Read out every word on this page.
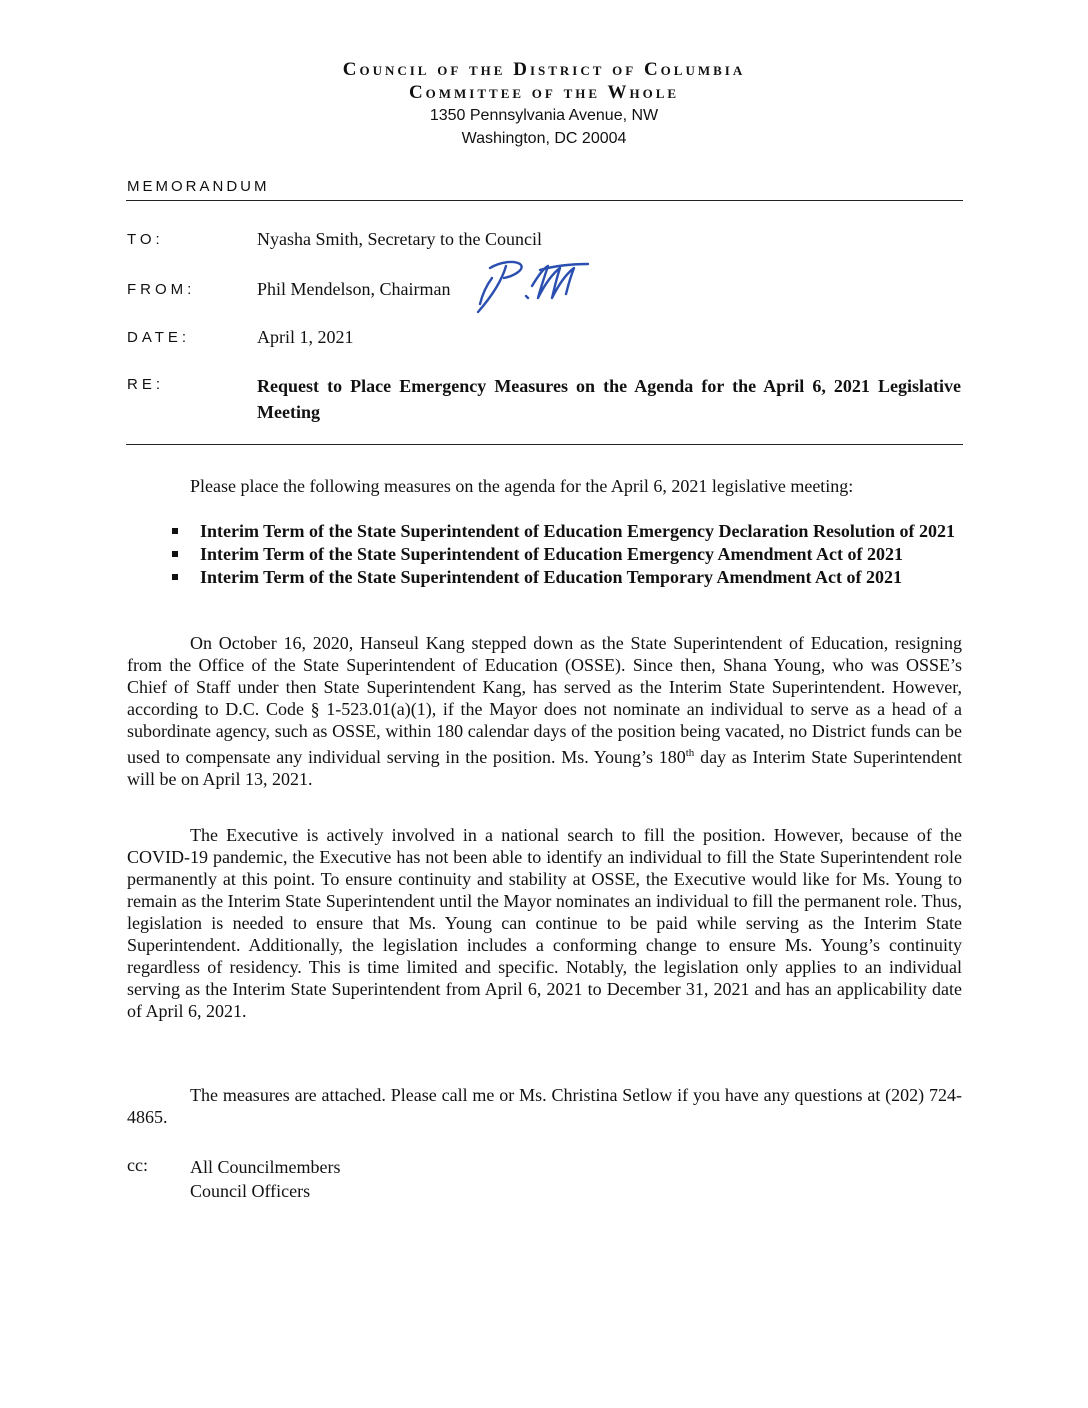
Council of the District of Columbia
Committee of the Whole
1350 Pennsylvania Avenue, NW
Washington, DC 20004
MEMORANDUM
TO:	Nyasha Smith, Secretary to the Council
FROM:	Phil Mendelson, Chairman
DATE:	April 1, 2021
RE:	Request to Place Emergency Measures on the Agenda for the April 6, 2021 Legislative Meeting

Please place the following measures on the agenda for the April 6, 2021 legislative meeting:

Interim Term of the State Superintendent of Education Emergency Declaration Resolution of 2021
Interim Term of the State Superintendent of Education Emergency Amendment Act of 2021
Interim Term of the State Superintendent of Education Temporary Amendment Act of 2021

On October 16, 2020, Hanseul Kang stepped down as the State Superintendent of Education, resigning from the Office of the State Superintendent of Education (OSSE). Since then, Shana Young, who was OSSE’s Chief of Staff under then State Superintendent Kang, has served as the Interim State Superintendent. However, according to D.C. Code § 1-523.01(a)(1), if the Mayor does not nominate an individual to serve as a head of a subordinate agency, such as OSSE, within 180 calendar days of the position being vacated, no District funds can be used to compensate any individual serving in the position. Ms. Young’s 180th day as Interim State Superintendent will be on April 13, 2021.

The Executive is actively involved in a national search to fill the position. However, because of the COVID-19 pandemic, the Executive has not been able to identify an individual to fill the State Superintendent role permanently at this point. To ensure continuity and stability at OSSE, the Executive would like for Ms. Young to remain as the Interim State Superintendent until the Mayor nominates an individual to fill the permanent role. Thus, legislation is needed to ensure that Ms. Young can continue to be paid while serving as the Interim State Superintendent. Additionally, the legislation includes a conforming change to ensure Ms. Young’s continuity regardless of residency. This is time limited and specific. Notably, the legislation only applies to an individual serving as the Interim State Superintendent from April 6, 2021 to December 31, 2021 and has an applicability date of April 6, 2021.

The measures are attached. Please call me or Ms. Christina Setlow if you have any questions at (202) 724-4865.

cc: All Councilmembers
Council Officers
